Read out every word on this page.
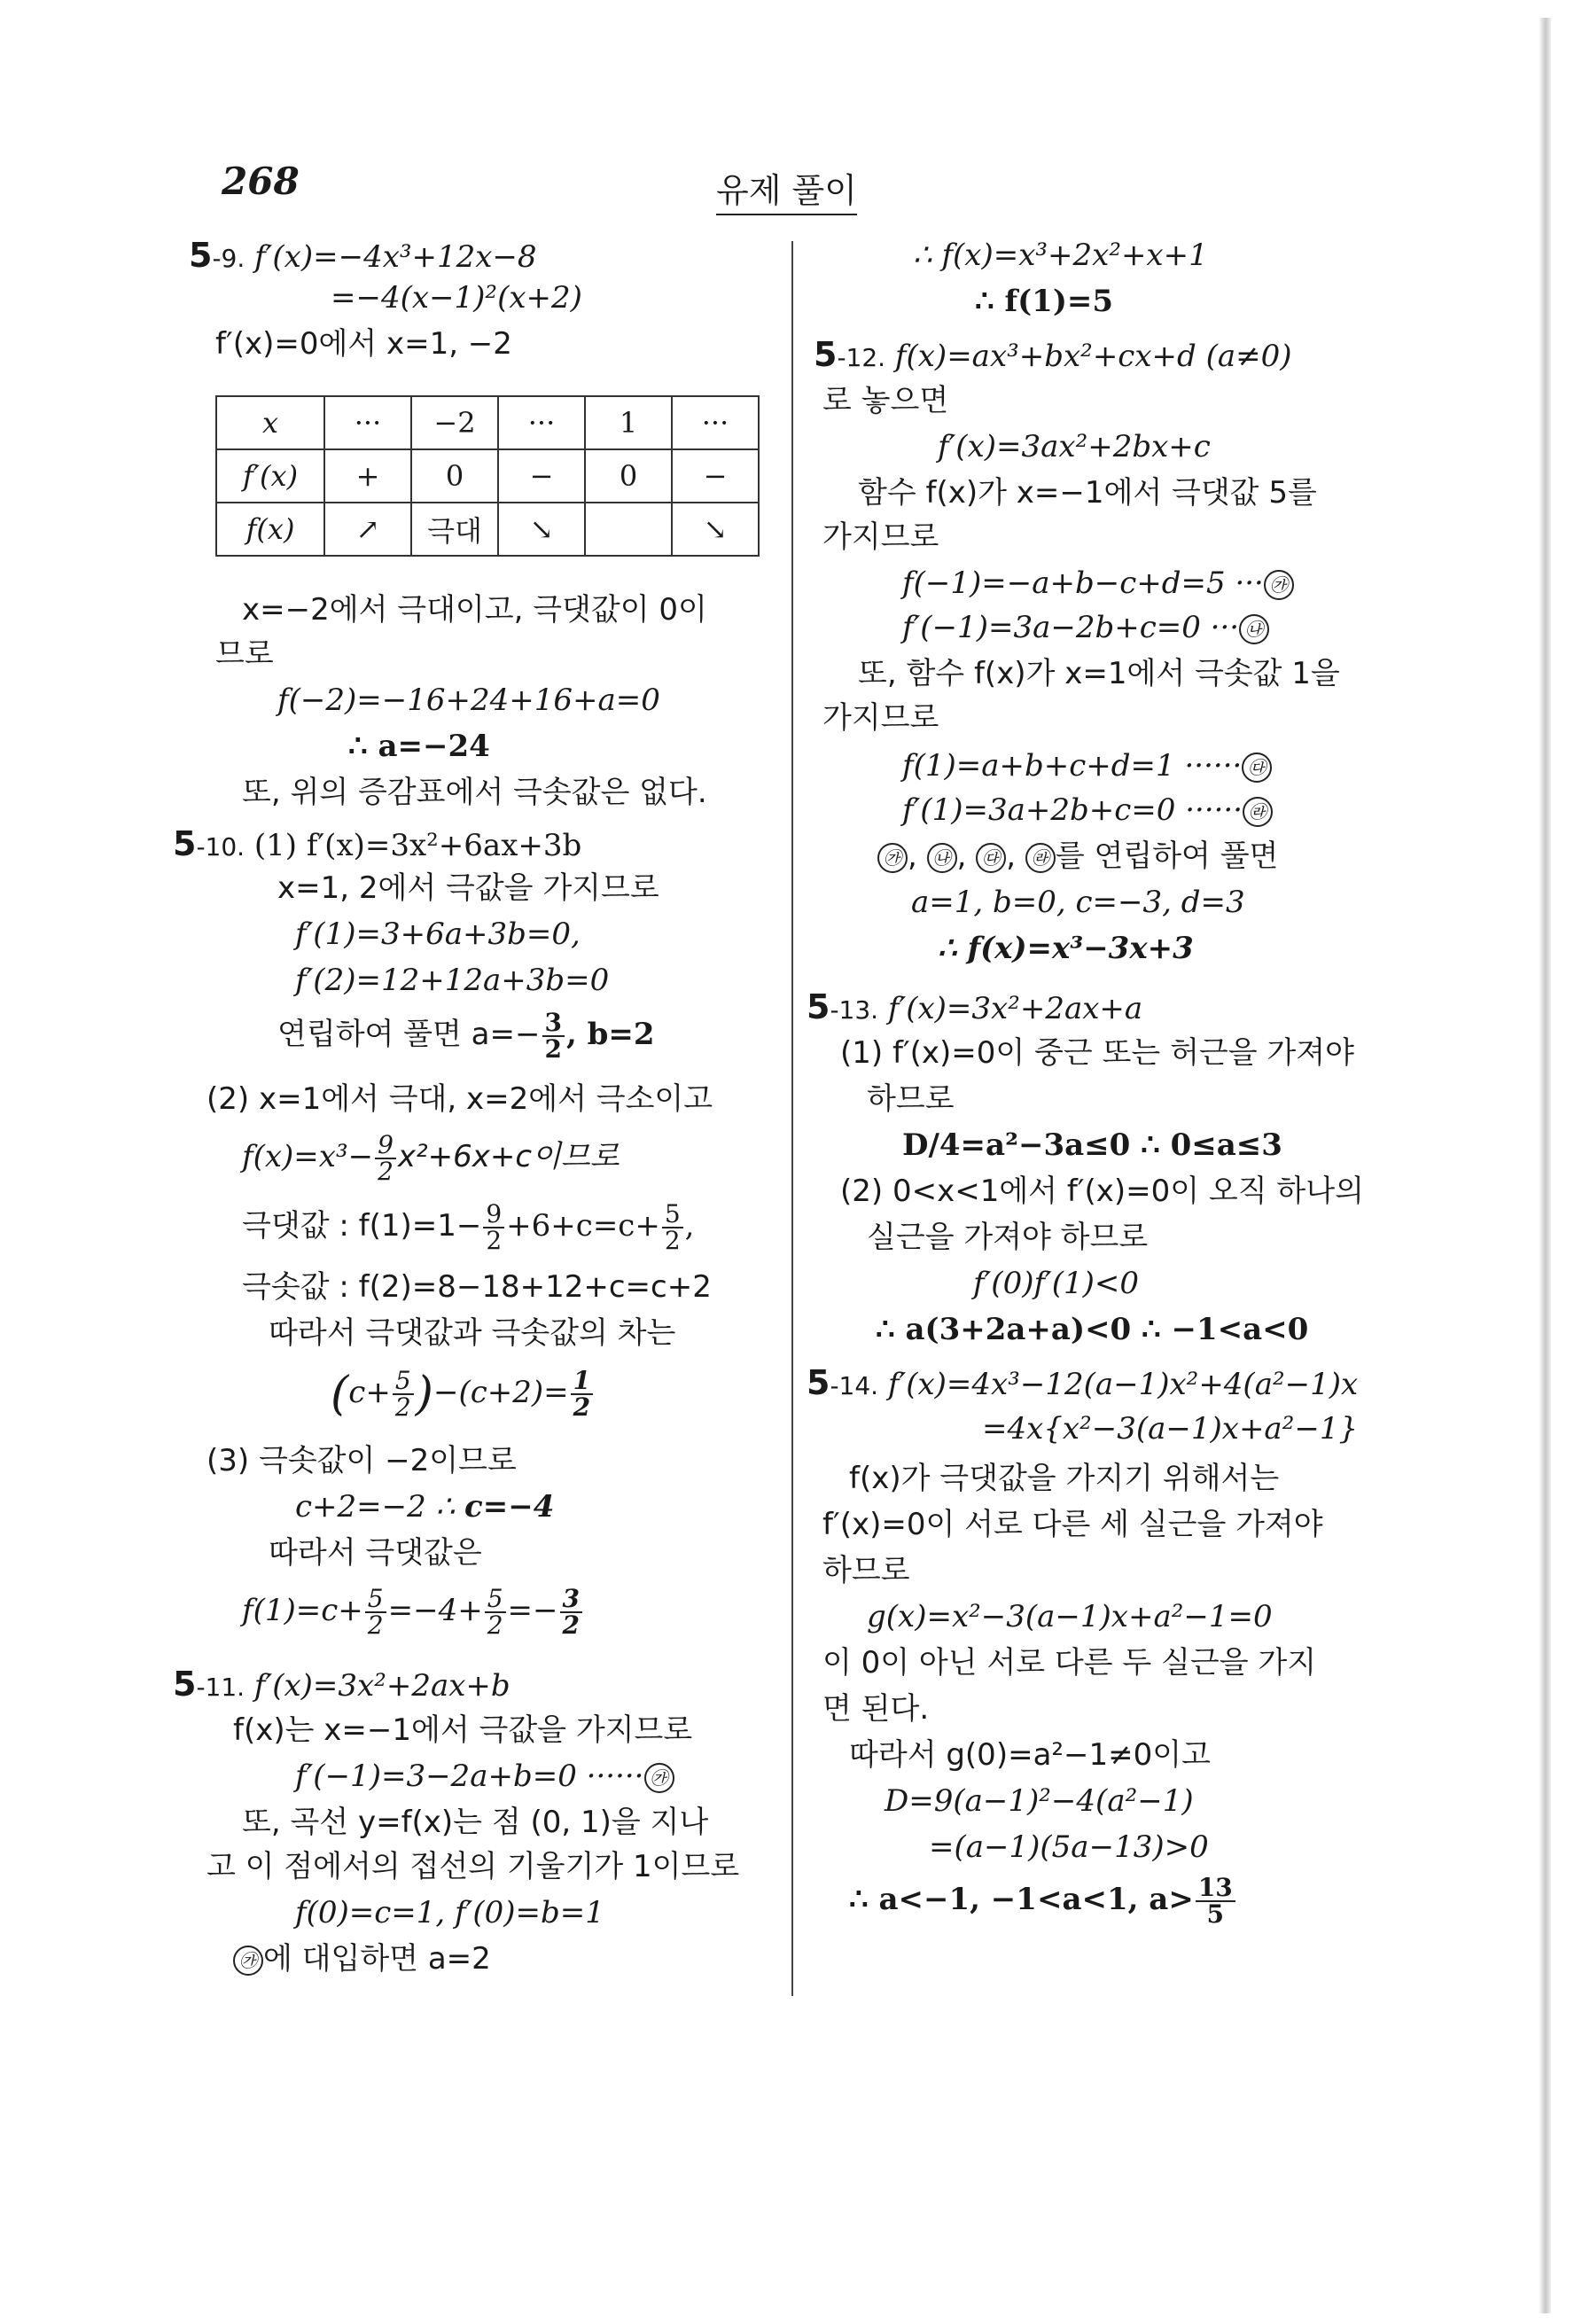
268	유제 풀이
5-9. f′(x)=−4x³+12x−8
=−4(x−1)²(x+2)
f′(x)=0에서 x=1, −2
x	···	−2	···	1	···
f′(x)	+	0	−	0	−
f(x)	↗	극대	↘		↘
x=−2에서 극대이고, 극댓값이 0이
므로
f(−2)=−16+24+16+a=0
∴ a=−24
또, 위의 증감표에서 극솟값은 없다.
5-10. (1) f′(x)=3x²+6ax+3b
x=1, 2에서 극값을 가지므로
f′(1)=3+6a+3b=0,
f′(2)=12+12a+3b=0
연립하여 풀면 $a=- \frac{3}{2}$ , b=2
(2) x=1에서 극대, x=2에서 극소이고
$f(x)=x^3- \frac{9}{2} x^2+6x+c$이므로
극댓값 : $f(1)=1- \frac{9}{2} +6+c=c+ \frac{5}{2}$ ,
극솟값 : f(2)=8−18+12+c=c+2
따라서 극댓값과 극솟값의 차는
$(c+ \frac{5}{2} )-(c+2)= \frac{1}{2}$
(3) 극솟값이 −2이므로
c+2=−2 ∴ c=−4
따라서 극댓값은
$f(1)=c+ \frac{5}{2} =-4+ \frac{5}{2} =- \frac{3}{2}$
5-11. f′(x)=3x²+2ax+b
f(x)는 x=−1에서 극값을 가지므로
f′(−1)=3−2a+b=0 ······ ㉮
또, 곡선 y=f(x)는 점 (0, 1)을 지나
고 이 점에서의 접선의 기울기가 1이므로
f(0)=c=1, f′(0)=b=1
㉮ 에 대입하면 a=2
∴ f(x)=x³+2x²+x+1
∴ f(1)=5
5-12. f(x)=ax³+bx²+cx+d (a≠0)
로 놓으면
f′(x)=3ax²+2bx+c
함수 f(x)가 x=−1에서 극댓값 5를
가지므로
f(−1)=−a+b−c+d=5 ··· ㉮
f′(−1)=3a−2b+c=0 ··· ㉯
또, 함수 f(x)가 x=1에서 극솟값 1을
가지므로
f(1)=a+b+c+d=1 ······ ㉰
f′(1)=3a+2b+c=0 ······ ㉱
㉮ , ㉯ , ㉰ , ㉱ 를 연립하여 풀면
a=1, b=0, c=−3, d=3
∴ f(x)=x³−3x+3
5-13. f′(x)=3x²+2ax+a
(1) f′(x)=0이 중근 또는 허근을 가져야
하므로
D/4=a²−3a≤0 ∴ 0≤a≤3
(2) 0<x<1에서 f′(x)=0이 오직 하나의
실근을 가져야 하므로
f′(0)f′(1)<0
∴ a(3+2a+a)<0 ∴ −1<a<0
5-14. f′(x)=4x³−12(a−1)x²+4(a²−1)x
=4x{x²−3(a−1)x+a²−1}
f(x)가 극댓값을 가지기 위해서는
f′(x)=0이 서로 다른 세 실근을 가져야
하므로
g(x)=x²−3(a−1)x+a²−1=0
이 0이 아닌 서로 다른 두 실근을 가지
면 된다.
따라서 g(0)=a²−1≠0이고
D=9(a−1)²−4(a²−1)
=(a−1)(5a−13)>0
∴ a<−1, −1<a<1, $a> \frac{13}{5}$
